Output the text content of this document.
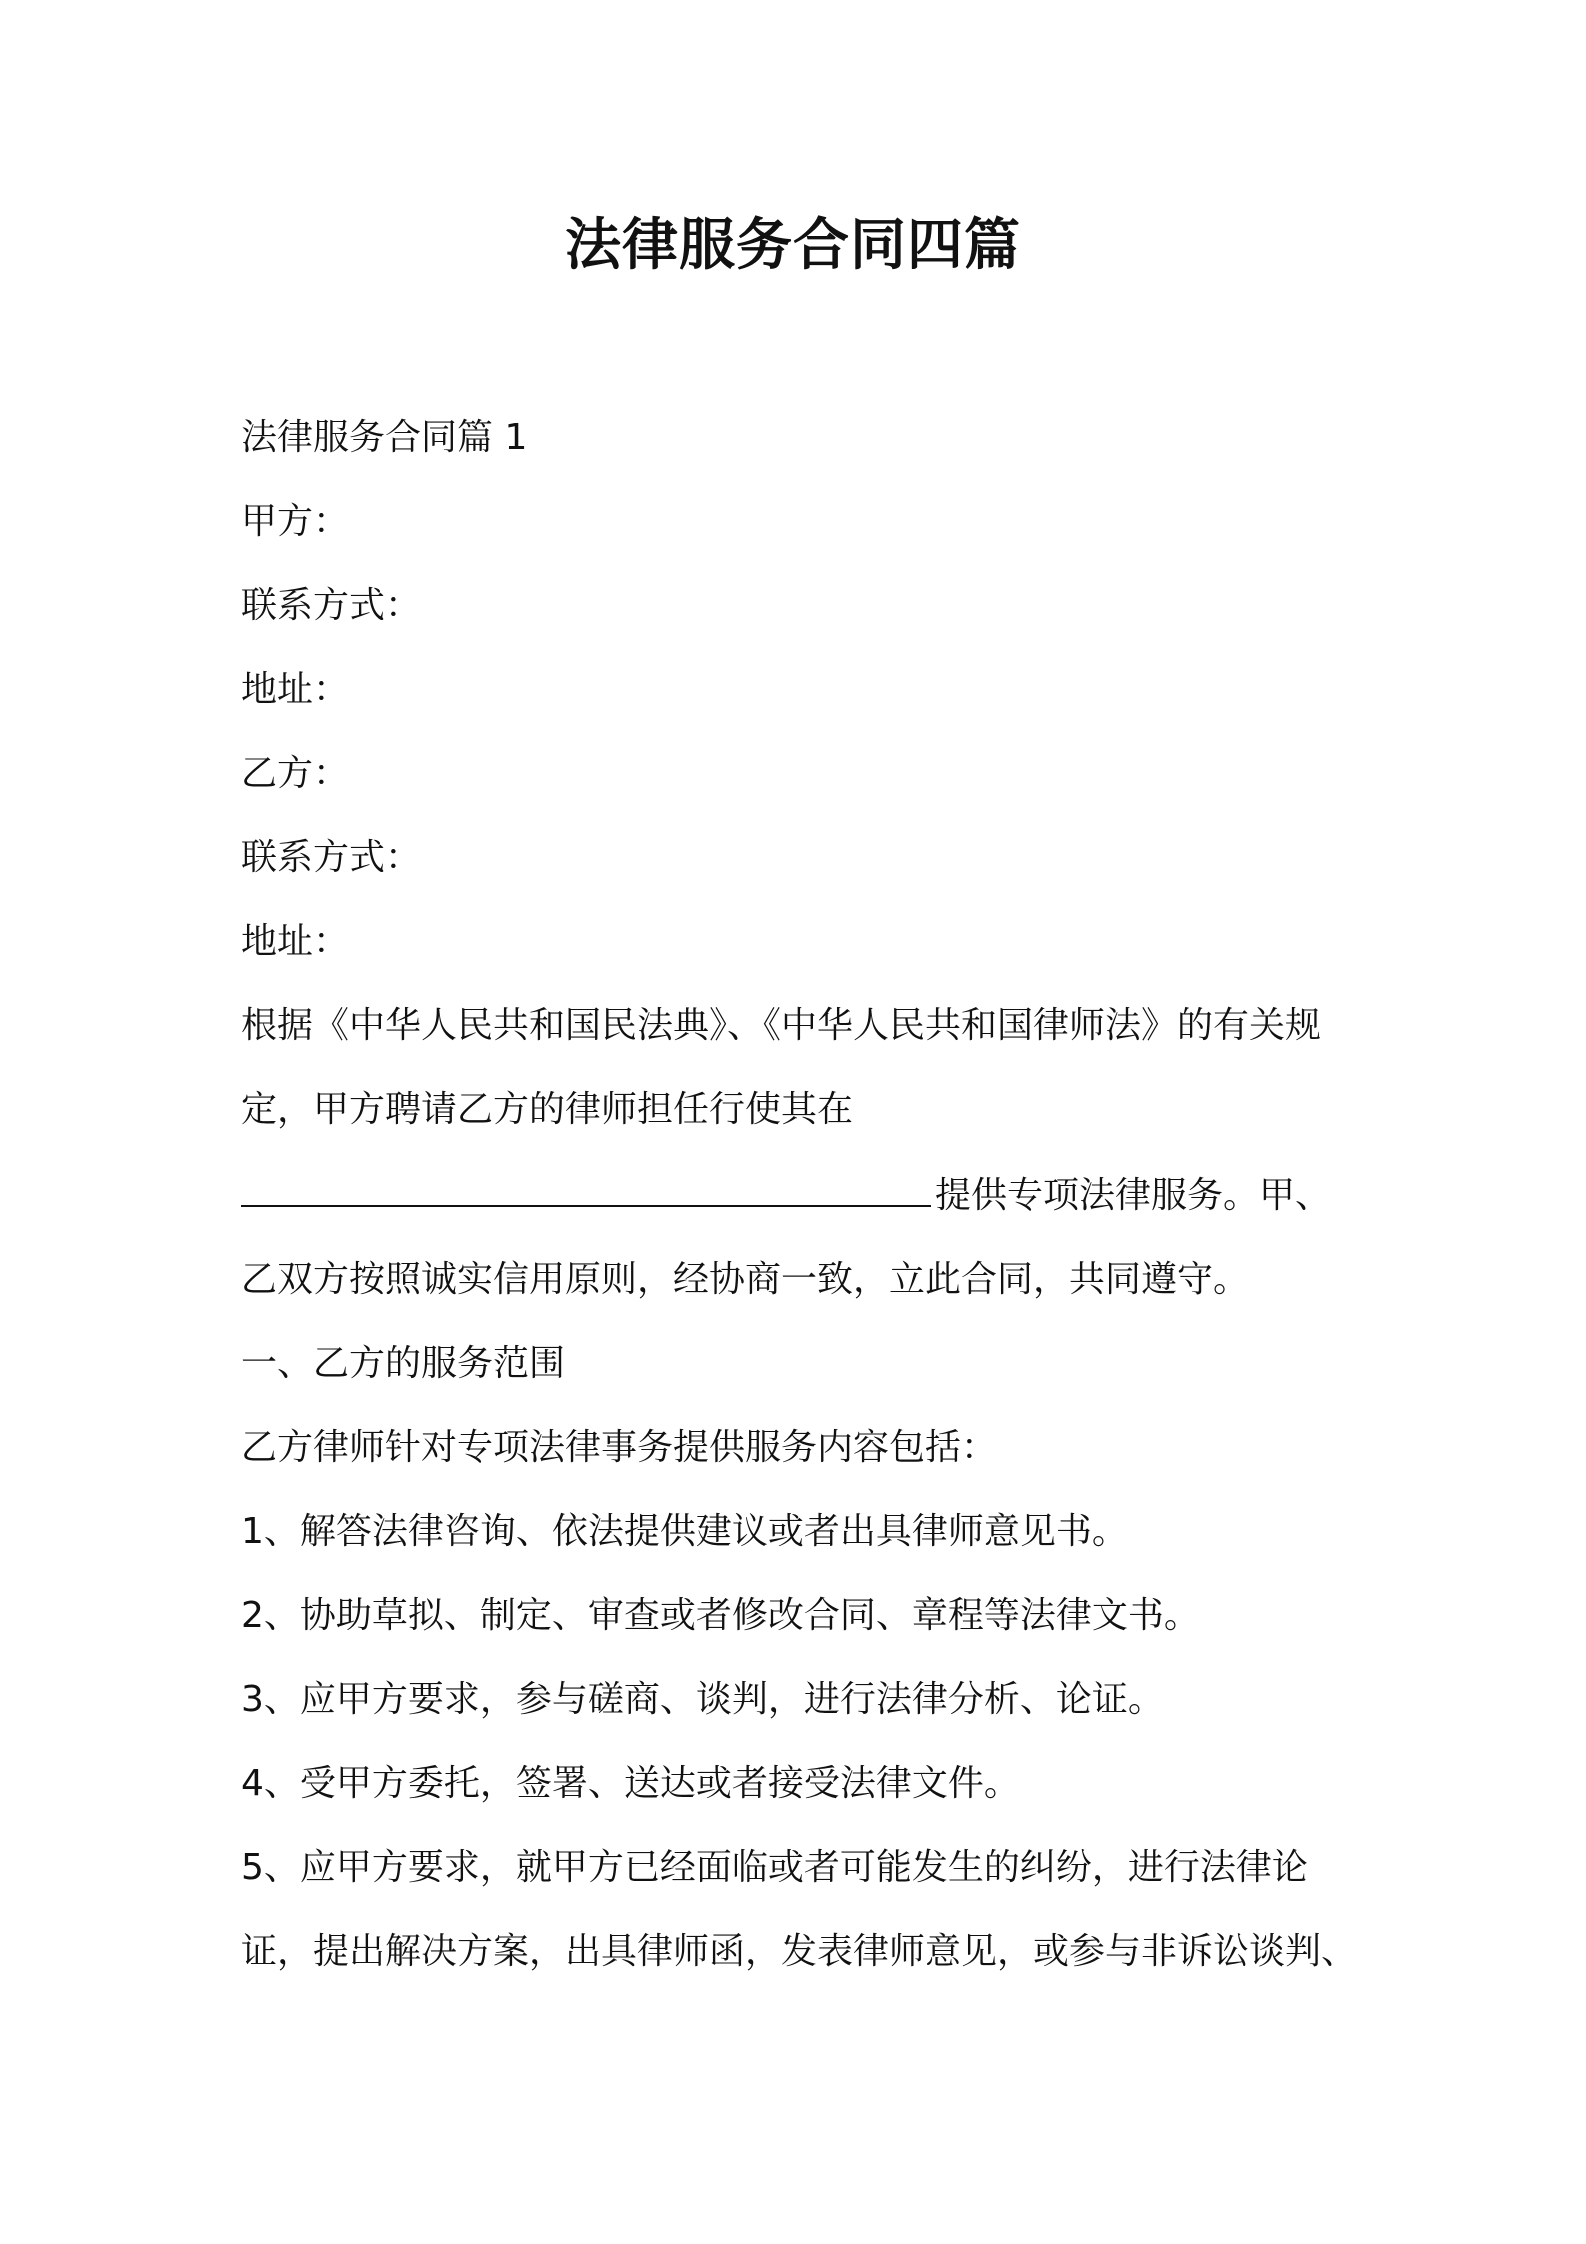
法律服务合同四篇
法律服务合同篇 1
甲方：
联系方式：
地址：
乙方：
联系方式：
地址：
根据《中华人民共和国民法典》、《中华人民共和国律师法》的有关规
定，甲方聘请乙方的律师担任行使其在
提供专项法律服务。甲、
乙双方按照诚实信用原则，经协商一致，立此合同，共同遵守。
一、乙方的服务范围
乙方律师针对专项法律事务提供服务内容包括：
1、解答法律咨询、依法提供建议或者出具律师意见书。
2、协助草拟、制定、审查或者修改合同、章程等法律文书。
3、应甲方要求，参与磋商、谈判，进行法律分析、论证。
4、受甲方委托，签署、送达或者接受法律文件。
5、应甲方要求，就甲方已经面临或者可能发生的纠纷，进行法律论
证，提出解决方案，出具律师函，发表律师意见，或参与非诉讼谈判、
